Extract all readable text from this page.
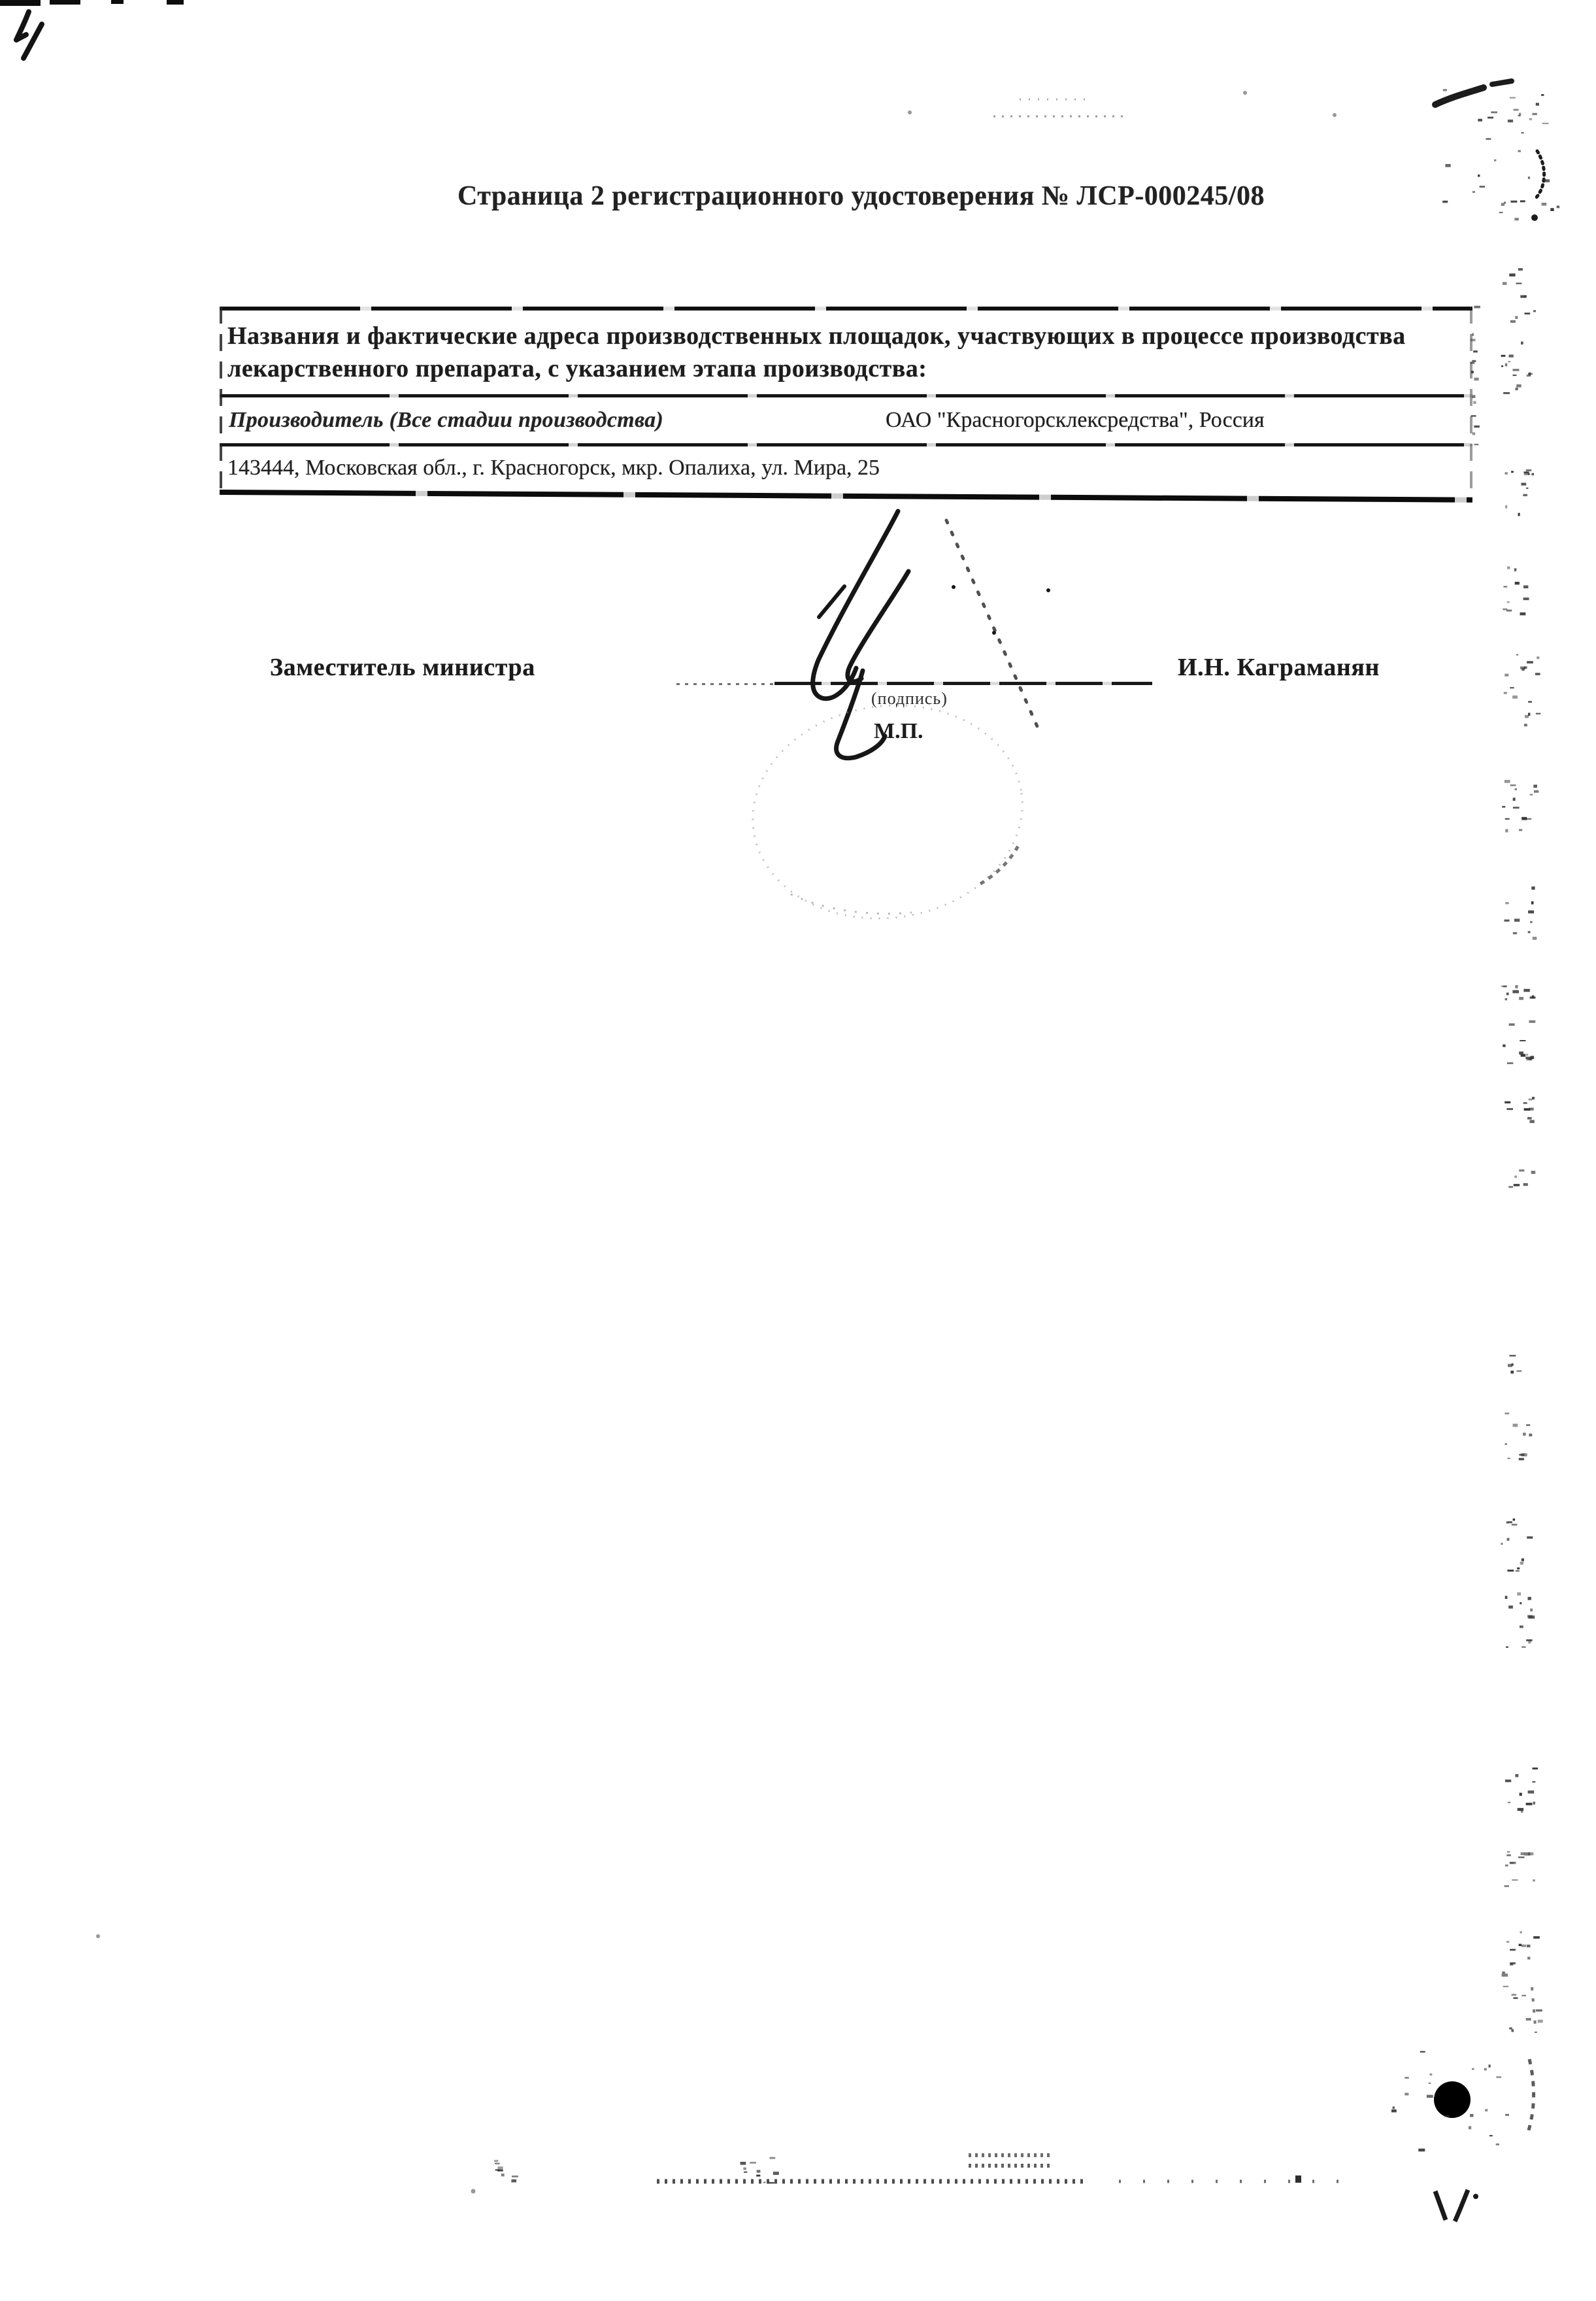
Страница 2 регистрационного удостоверения № ЛСР-000245/08
Названия и фактические адреса производственных площадок, участвующих в процессе производства лекарственного препарата, с указанием этапа производства:
Производитель (Все стадии производства)	ОАО "Красногорсклексредства", Россия
143444, Московская обл., г. Красногорск, мкр. Опалиха, ул. Мира, 25
Заместитель министра
(подпись)
И.Н. Каграманян
М.П.
